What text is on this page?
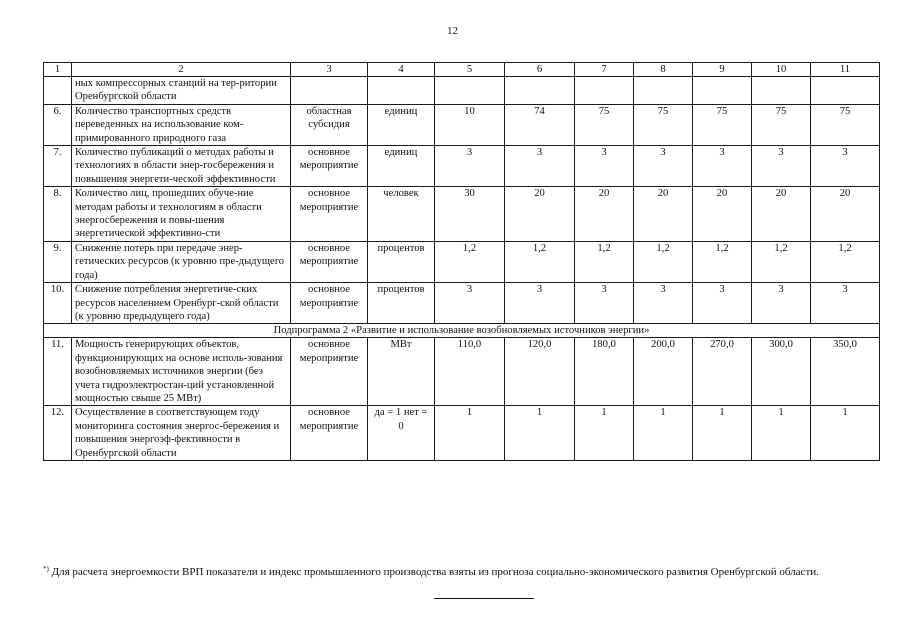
12
1	2	3	4	5	6	7	8	9	10	11
	ных компрессорных станций на тер-ритории Оренбургской области									
6.	Количество транспортных средств переведенных на использование ком-примированного природного газа	областная субсидия	единиц	10	74	75	75	75	75	75
7.	Количество публикаций о методах работы и технологиях в области энер-госбережения и повышения энергети-ческой эффективности	основное мероприятие	единиц	3	3	3	3	3	3	3
8.	Количество лиц, прошедших обуче-ние методам работы и технологиям в области энергосбережения и повы-шения энергетической эффективно-сти	основное мероприятие	человек	30	20	20	20	20	20	20
9.	Снижение потерь при передаче энер-гетических ресурсов (к уровню пре-дыдущего года)	основное мероприятие	процентов	1,2	1,2	1,2	1,2	1,2	1,2	1,2
10.	Снижение потребления энергетиче-ских ресурсов населением Оренбург-ской области (к уровню предыдущего года)	основное мероприятие	процентов	3	3	3	3	3	3	3
Подпрограмма 2 «Развитие и использование возобновляемых источников энергии»										
11.	Мощность генерирующих объектов, функционирующих на основе исполь-зования возобновляемых источников энергии (без учета гидроэлектростан-ций установленной мощностью свыше 25 МВт)	основное мероприятие	МВт	110,0	120,0	180,0	200,0	270,0	300,0	350,0
12.	Осуществление в соответствующем году мониторинга состояния энергос-бережения и повышения энергоэф-фективности в Оренбургской области	основное мероприятие	да = 1 нет = 0	1	1	1	1	1	1	1
*) Для расчета энергоемкости ВРП показатели и индекс промышленного производства взяты из прогноза социально-экономического развития Оренбургской области.
